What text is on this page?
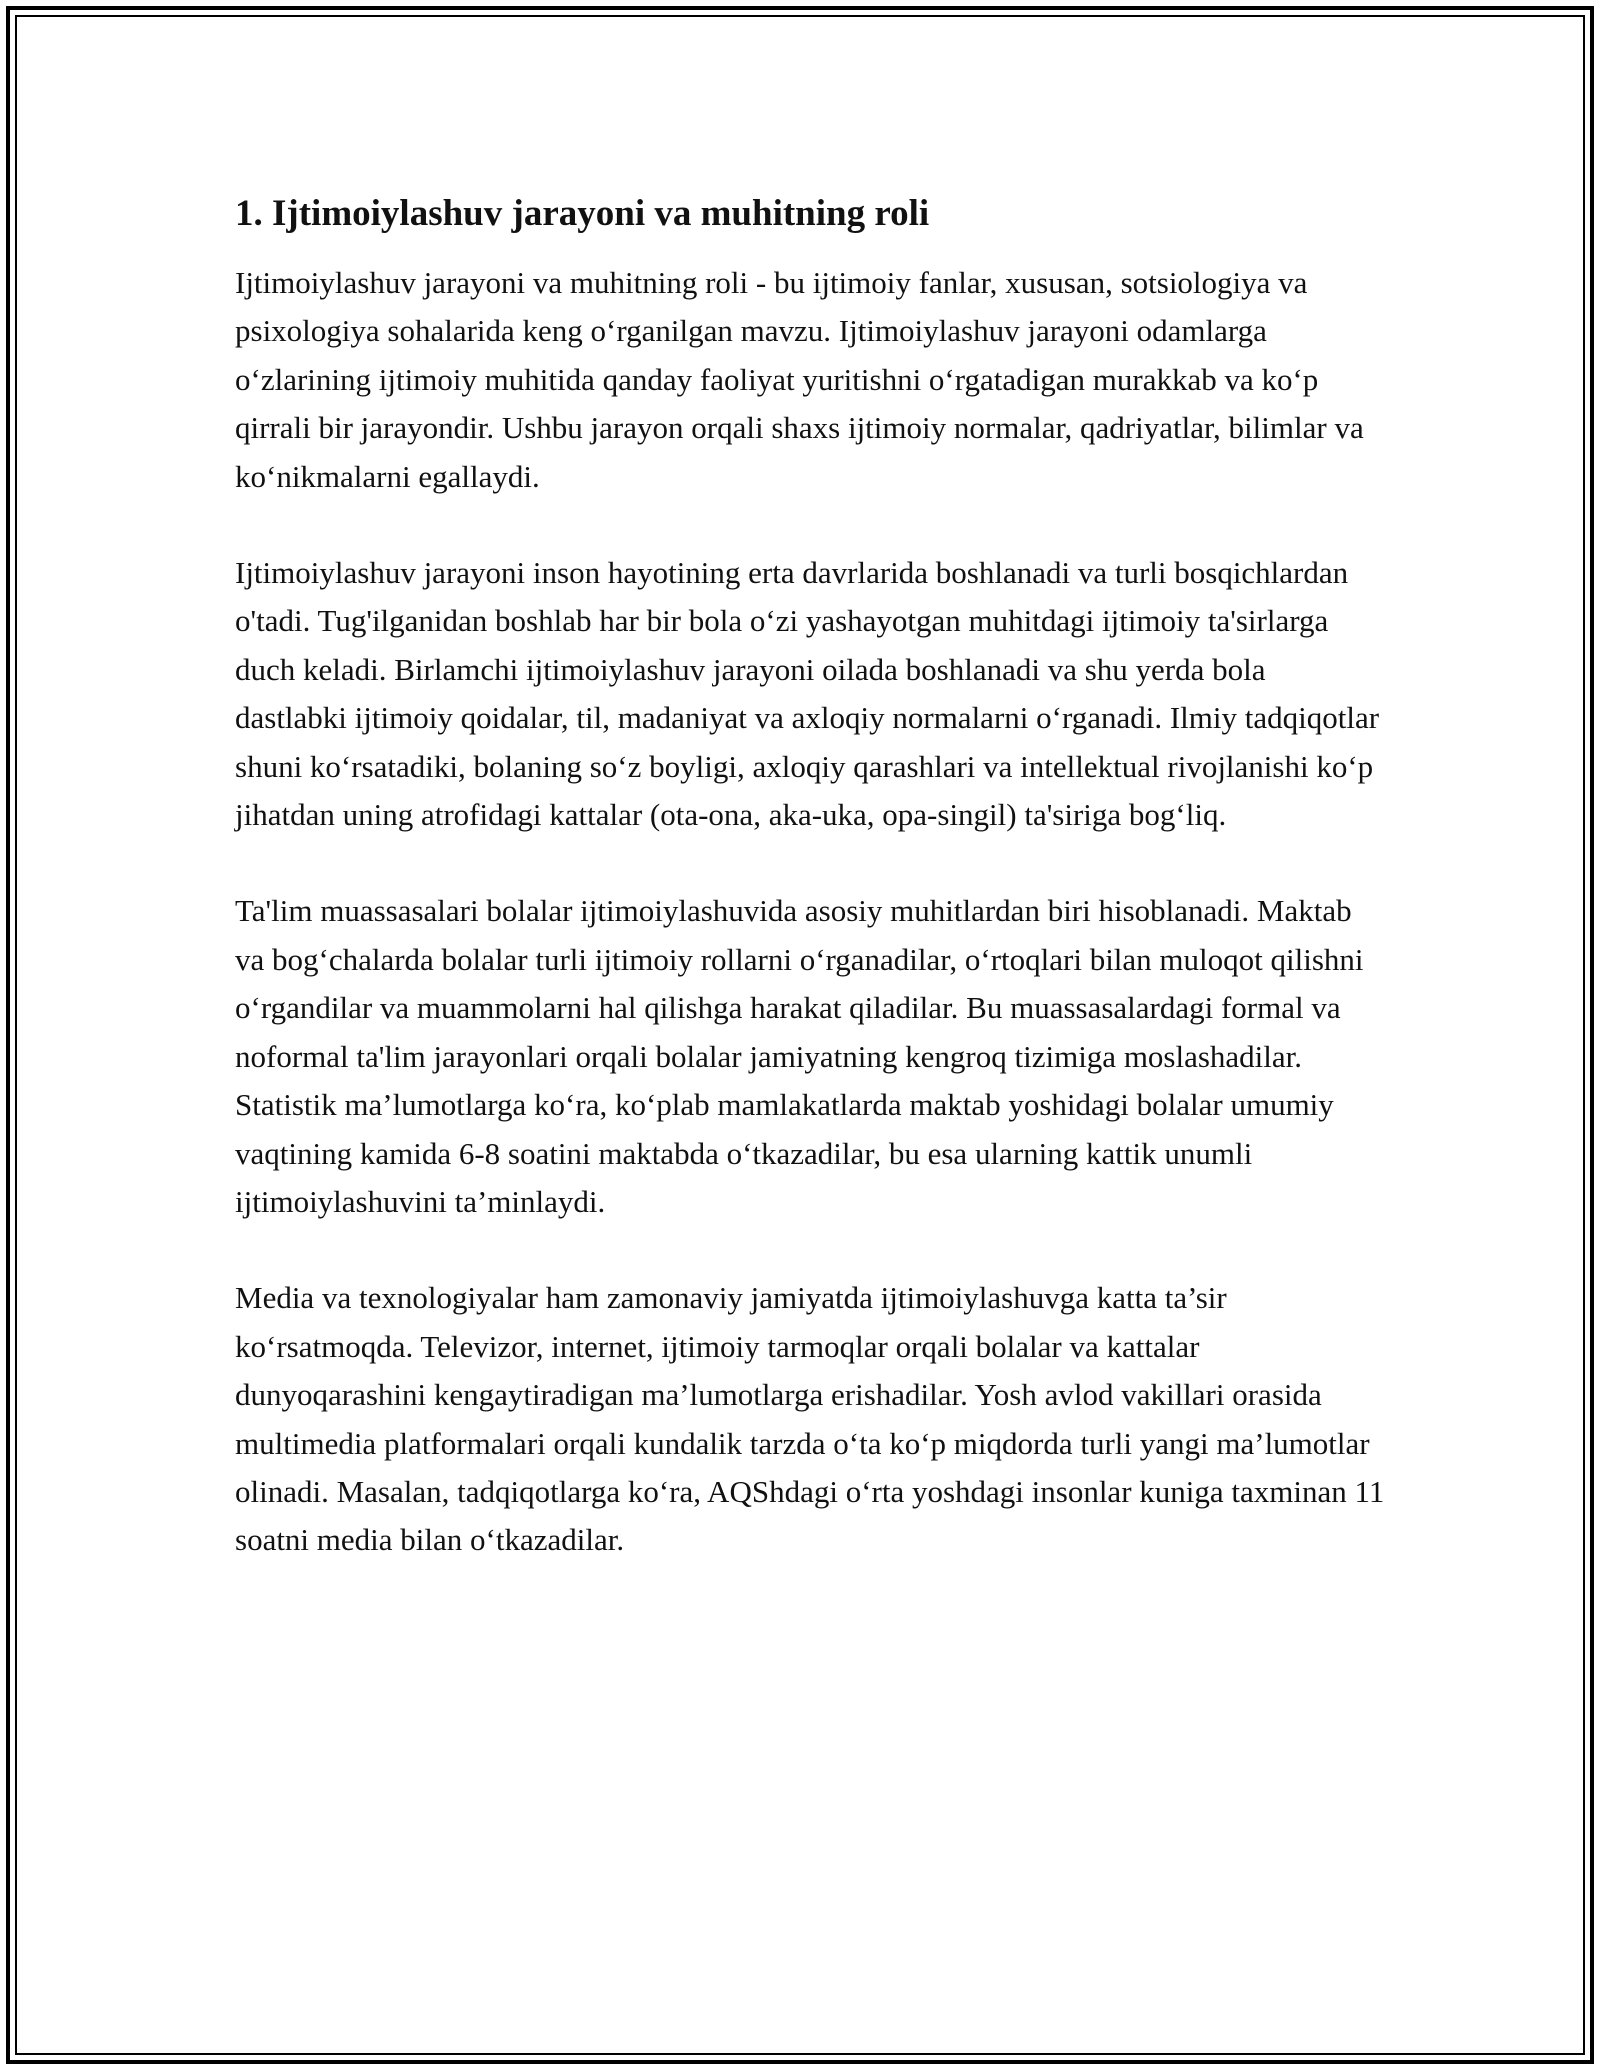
1. Ijtimoiylashuv jarayoni va muhitning roli

Ijtimoiylashuv jarayoni va muhitning roli - bu ijtimoiy fanlar, xususan, sotsiologiya va psixologiya sohalarida keng o‘rganilgan mavzu. Ijtimoiylashuv jarayoni odamlarga o‘zlarining ijtimoiy muhitida qanday faoliyat yuritishni o‘rgatadigan murakkab va ko‘p qirrali bir jarayondir. Ushbu jarayon orqali shaxs ijtimoiy normalar, qadriyatlar, bilimlar va ko‘nikmalarni egallaydi.

Ijtimoiylashuv jarayoni inson hayotining erta davrlarida boshlanadi va turli bosqichlardan o'tadi. Tug'ilganidan boshlab har bir bola o‘zi yashayotgan muhitdagi ijtimoiy ta'sirlarga duch keladi. Birlamchi ijtimoiylashuv jarayoni oilada boshlanadi va shu yerda bola dastlabki ijtimoiy qoidalar, til, madaniyat va axloqiy normalarni o‘rganadi. Ilmiy tadqiqotlar shuni ko‘rsatadiki, bolaning so‘z boyligi, axloqiy qarashlari va intellektual rivojlanishi ko‘p jihatdan uning atrofidagi kattalar (ota-ona, aka-uka, opa-singil) ta'siriga bog‘liq.

Ta'lim muassasalari bolalar ijtimoiylashuvida asosiy muhitlardan biri hisoblanadi. Maktab va bog‘chalarda bolalar turli ijtimoiy rollarni o‘rganadilar, o‘rtoqlari bilan muloqot qilishni o‘rgandilar va muammolarni hal qilishga harakat qiladilar. Bu muassasalardagi formal va noformal ta'lim jarayonlari orqali bolalar jamiyatning kengroq tizimiga moslashadilar. Statistik ma’lumotlarga ko‘ra, ko‘plab mamlakatlarda maktab yoshidagi bolalar umumiy vaqtining kamida 6-8 soatini maktabda o‘tkazadilar, bu esa ularning kattik unumli ijtimoiylashuvini ta’minlaydi.

Media va texnologiyalar ham zamonaviy jamiyatda ijtimoiylashuvga katta ta’sir ko‘rsatmoqda. Televizor, internet, ijtimoiy tarmoqlar orqali bolalar va kattalar dunyoqarashini kengaytiradigan ma’lumotlarga erishadilar. Yosh avlod vakillari orasida multimedia platformalari orqali kundalik tarzda o‘ta ko‘p miqdorda turli yangi ma’lumotlar olinadi. Masalan, tadqiqotlarga ko‘ra, AQShdagi o‘rta yoshdagi insonlar kuniga taxminan 11 soatni media bilan o‘tkazadilar.
